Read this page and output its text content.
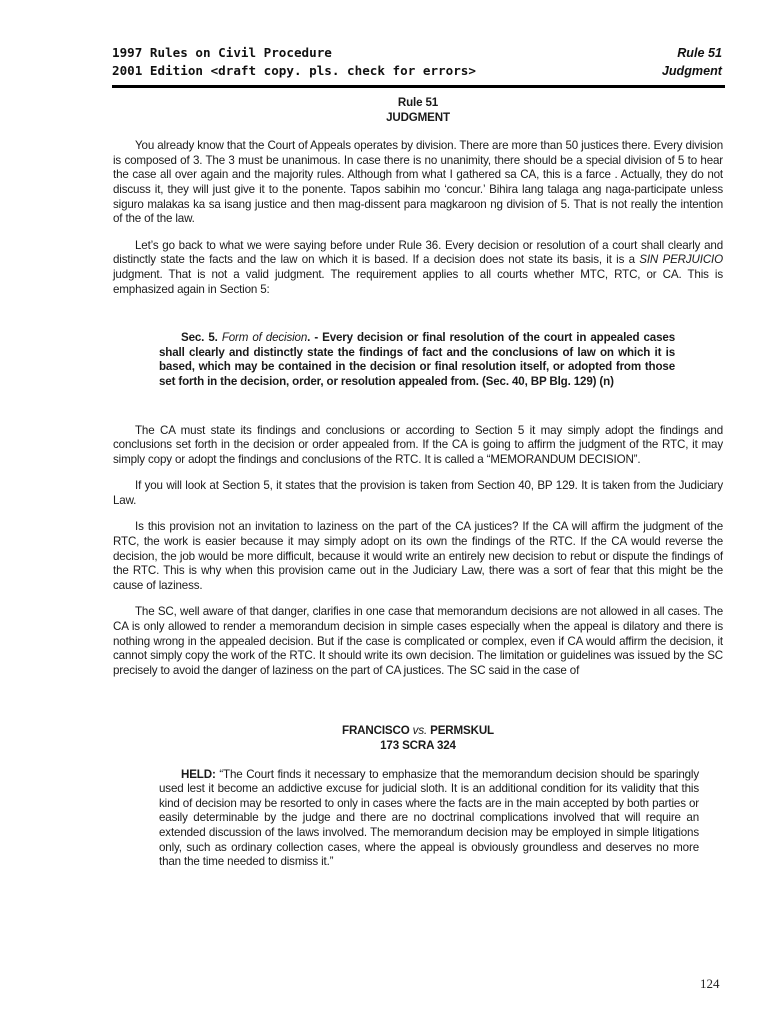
1997 Rules on Civil Procedure
2001 Edition <draft copy. pls. check for errors>
Rule 51
Judgment
Rule 51
JUDGMENT

You already know that the Court of Appeals operates by division. There are more than 50 justices there. Every division is composed of 3. The 3 must be unanimous. In case there is no unanimity, there should be a special division of 5 to hear the case all over again and the majority rules. Although from what I gathered sa CA, this is a farce . Actually, they do not discuss it, they will just give it to the ponente. Tapos sabihin mo ‘concur.’ Bihira lang talaga ang naga-participate unless siguro malakas ka sa isang justice and then mag-dissent para magkaroon ng division of 5. That is not really the intention of the of the law.

Let’s go back to what we were saying before under Rule 36. Every decision or resolution of a court shall clearly and distinctly state the facts and the law on which it is based. If a decision does not state its basis, it is a SIN PERJUICIO judgment. That is not a valid judgment. The requirement applies to all courts whether MTC, RTC, or CA. This is emphasized again in Section 5:

Sec. 5. Form of decision. - Every decision or final resolution of the court in appealed cases shall clearly and distinctly state the findings of fact and the conclusions of law on which it is based, which may be contained in the decision or final resolution itself, or adopted from those set forth in the decision, order, or resolution appealed from. (Sec. 40, BP Blg. 129) (n)

The CA must state its findings and conclusions or according to Section 5 it may simply adopt the findings and conclusions set forth in the decision or order appealed from. If the CA is going to affirm the judgment of the RTC, it may simply copy or adopt the findings and conclusions of the RTC. It is called a “MEMORANDUM DECISION”.

If you will look at Section 5, it states that the provision is taken from Section 40, BP 129. It is taken from the Judiciary Law.

Is this provision not an invitation to laziness on the part of the CA justices? If the CA will affirm the judgment of the RTC, the work is easier because it may simply adopt on its own the findings of the RTC. If the CA would reverse the decision, the job would be more difficult, because it would write an entirely new decision to rebut or dispute the findings of the RTC. This is why when this provision came out in the Judiciary Law, there was a sort of fear that this might be the cause of laziness.

The SC, well aware of that danger, clarifies in one case that memorandum decisions are not allowed in all cases. The CA is only allowed to render a memorandum decision in simple cases especially when the appeal is dilatory and there is nothing wrong in the appealed decision. But if the case is complicated or complex, even if CA would affirm the decision, it cannot simply copy the work of the RTC. It should write its own decision. The limitation or guidelines was issued by the SC precisely to avoid the danger of laziness on the part of CA justices. The SC said in the case of

FRANCISCO vs. PERMSKUL
173 SCRA 324
HELD: “The Court finds it necessary to emphasize that the memorandum decision should be sparingly used lest it become an addictive excuse for judicial sloth. It is an additional condition for its validity that this kind of decision may be resorted to only in cases where the facts are in the main accepted by both parties or easily determinable by the judge and there are no doctrinal complications involved that will require an extended discussion of the laws involved. The memorandum decision may be employed in simple litigations only, such as ordinary collection cases, where the appeal is obviously groundless and deserves no more than the time needed to dismiss it.”
124
